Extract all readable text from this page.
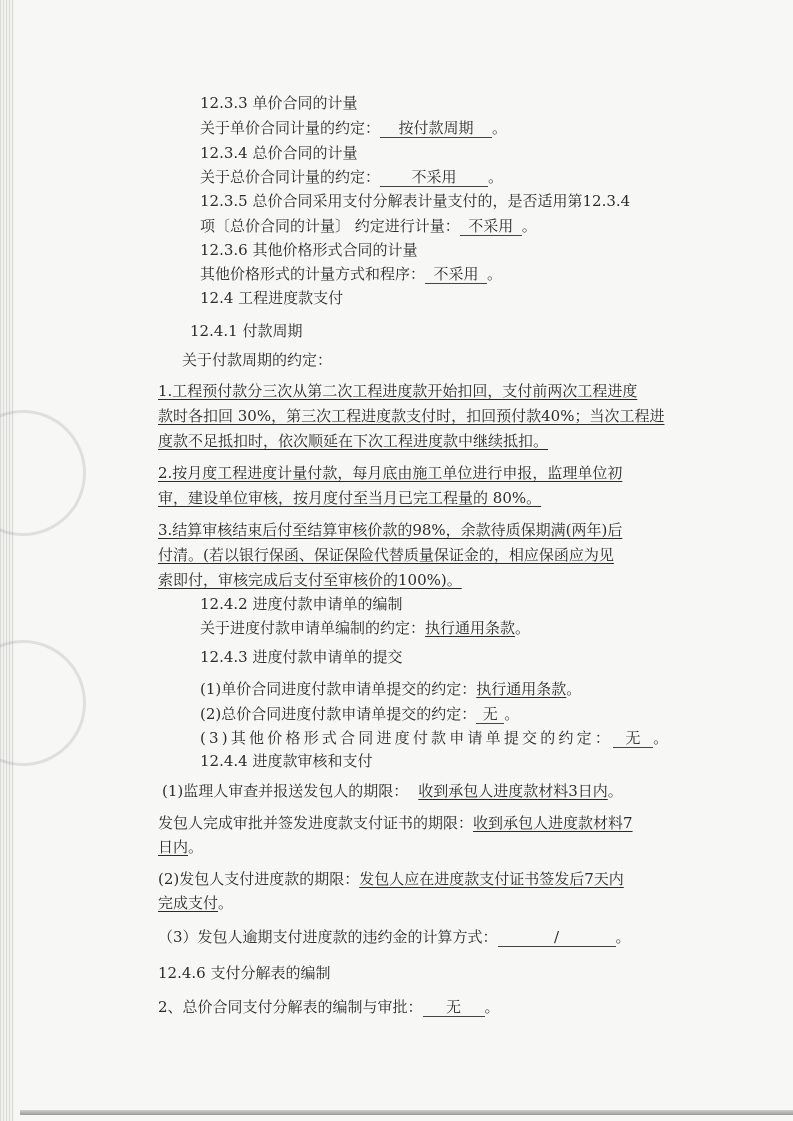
12.3.3 单价合同的计量
关于单价合同计量的约定： 按付款周期 。
12.3.4 总价合同的计量
关于总价合同计量的约定： 不采用 。
12.3.5 总价合同采用支付分解表计量支付的，是否适用第12.3.4
项〔总价合同的计量〕 约定进行计量： 不采用 。
12.3.6 其他价格形式合同的计量
其他价格形式的计量方式和程序： 不采用 。
12.4 工程进度款支付
12.4.1 付款周期
关于付款周期的约定：
1.工程预付款分三次从第二次工程进度款开始扣回，支付前两次工程进度
款时各扣回 30%，第三次工程进度款支付时，扣回预付款40%；当次工程进
度款不足抵扣时，依次顺延在下次工程进度款中继续抵扣。
2.按月度工程进度计量付款，每月底由施工单位进行申报，监理单位初
审，建设单位审核，按月度付至当月已完工程量的 80%。
3.结算审核结束后付至结算审核价款的98%，余款待质保期满(两年)后
付清。(若以银行保函、保证保险代替质量保证金的，相应保函应为见
索即付，审核完成后支付至审核价的100%)。
12.4.2 进度付款申请单的编制
关于进度付款申请单编制的约定：执行通用条款。
12.4.3 进度付款申请单的提交
(1)单价合同进度付款申请单提交的约定：执行通用条款。
(2)总价合同进度付款申请单提交的约定： 无 。
(3)其他价格形式合同进度付款申请单提交的约定： 无 。
12.4.4 进度款审核和支付
(1)监理人审查并报送发包人的期限： 收到承包人进度款材料3日内。
发包人完成审批并签发进度款支付证书的期限：收到承包人进度款材料7
日内。
(2)发包人支付进度款的期限：发包人应在进度款支付证书签发后7天内
完成支付。
（3）发包人逾期支付进度款的违约金的计算方式：	/	。
12.4.6 支付分解表的编制
2、总价合同支付分解表的编制与审批： 无 。
